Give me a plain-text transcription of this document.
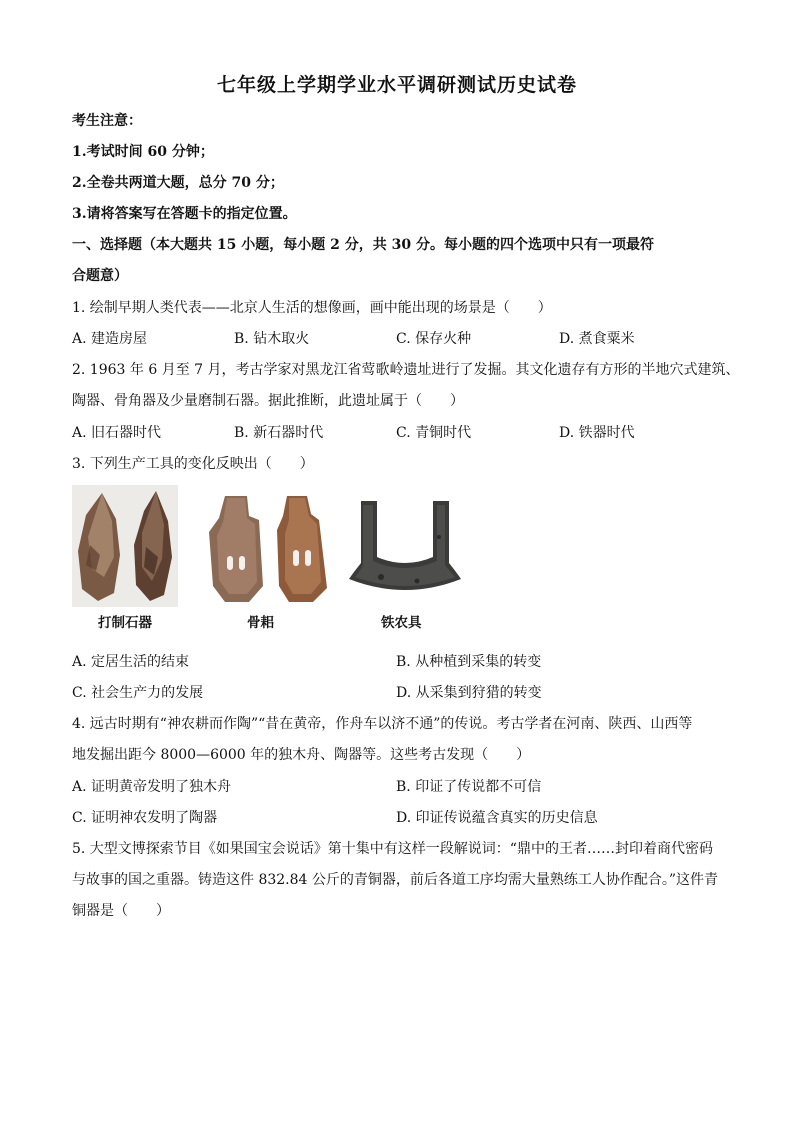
七年级上学期学业水平调研测试历史试卷
考生注意：
1.考试时间 60 分钟；
2.全卷共两道大题，总分 70 分；
3.请将答案写在答题卡的指定位置。
一、选择题（本大题共 15 小题，每小题 2 分，共 30 分。每小题的四个选项中只有一项最符
合题意）
1. 绘制早期人类代表——北京人生活的想像画，画中能出现的场景是（　　）
A. 建造房屋	B. 钻木取火	C. 保存火种	D. 煮食粟米
2. 1963 年 6 月至 7 月，考古学家对黑龙江省莺歌岭遗址进行了发掘。其文化遗存有方形的半地穴式建筑、
陶器、骨角器及少量磨制石器。据此推断，此遗址属于（　　）
A. 旧石器时代	B. 新石器时代	C. 青铜时代	D. 铁器时代
3. 下列生产工具的变化反映出（　　）
打制石器	骨耜	铁农具
A. 定居生活的结束	B. 从种植到采集的转变
C. 社会生产力的发展	D. 从采集到狩猎的转变
4. 远古时期有“神农耕而作陶”“昔在黄帝，作舟车以济不通”的传说。考古学者在河南、陕西、山西等
地发掘出距今 8000—6000 年的独木舟、陶器等。这些考古发现（　　）
A. 证明黄帝发明了独木舟	B. 印证了传说都不可信
C. 证明神农发明了陶器	D. 印证传说蕴含真实的历史信息
5. 大型文博探索节目《如果国宝会说话》第十集中有这样一段解说词：“鼎中的王者……封印着商代密码
与故事的国之重器。铸造这件 832.84 公斤的青铜器，前后各道工序均需大量熟练工人协作配合。”这件青
铜器是（　　）
